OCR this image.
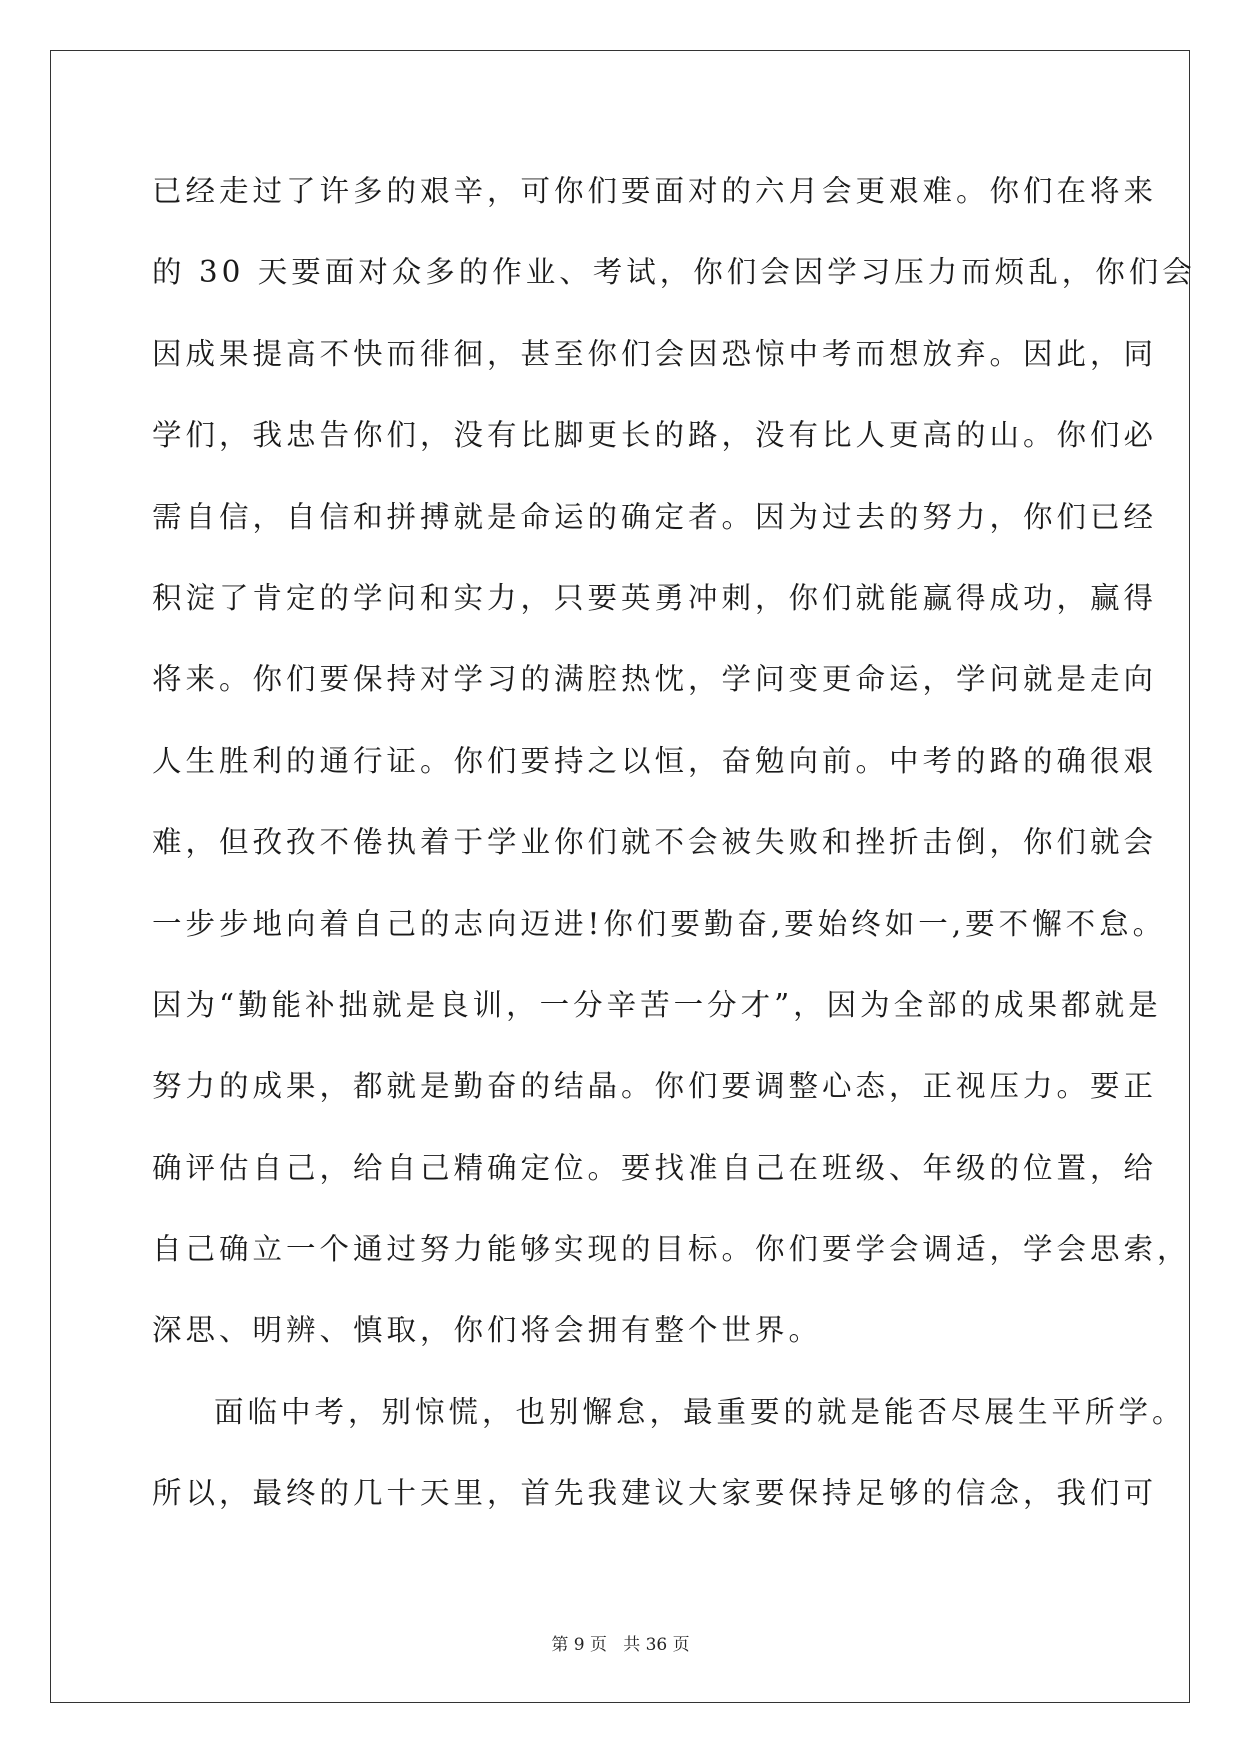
已经走过了许多的艰辛，可你们要面对的六月会更艰难。你们在将来
的 30 天要面对众多的作业、考试，你们会因学习压力而烦乱，你们会
因成果提高不快而徘徊，甚至你们会因恐惊中考而想放弃。因此，同
学们，我忠告你们，没有比脚更长的路，没有比人更高的山。你们必
需自信，自信和拼搏就是命运的确定者。因为过去的努力，你们已经
积淀了肯定的学问和实力，只要英勇冲刺，你们就能赢得成功，赢得
将来。你们要保持对学习的满腔热忱，学问变更命运，学问就是走向
人生胜利的通行证。你们要持之以恒，奋勉向前。中考的路的确很艰
难，但孜孜不倦执着于学业你们就不会被失败和挫折击倒，你们就会
一步步地向着自己的志向迈进!你们要勤奋,要始终如一,要不懈不怠。
因为“勤能补拙就是良训，一分辛苦一分才”，因为全部的成果都就是
努力的成果，都就是勤奋的结晶。你们要调整心态，正视压力。要正
确评估自己，给自己精确定位。要找准自己在班级、年级的位置，给
自己确立一个通过努力能够实现的目标。你们要学会调适，学会思索，
深思、明辨、慎取，你们将会拥有整个世界。
面临中考，别惊慌，也别懈怠，最重要的就是能否尽展生平所学。
所以，最终的几十天里，首先我建议大家要保持足够的信念，我们可
第 9 页   共 36 页
